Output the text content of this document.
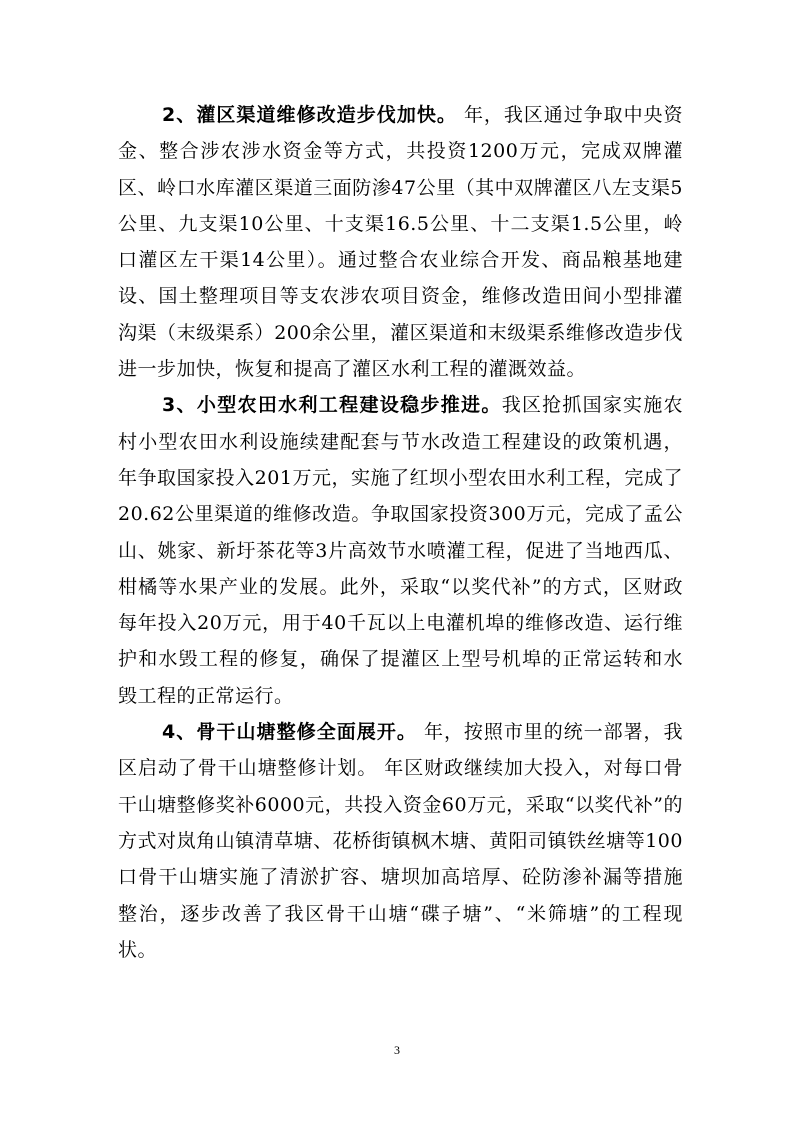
2、灌区渠道维修改造步伐加快。 年，我区通过争取中央资金、整合涉农涉水资金等方式，共投资1200万元，完成双牌灌区、岭口水库灌区渠道三面防渗47公里（其中双牌灌区八左支渠5公里、九支渠10公里、十支渠16.5公里、十二支渠1.5公里，岭口灌区左干渠14公里）。通过整合农业综合开发、商品粮基地建设、国土整理项目等支农涉农项目资金，维修改造田间小型排灌沟渠（末级渠系）200余公里，灌区渠道和末级渠系维修改造步伐进一步加快，恢复和提高了灌区水利工程的灌溉效益。

3、小型农田水利工程建设稳步推进。我区抢抓国家实施农村小型农田水利设施续建配套与节水改造工程建设的政策机遇， 年争取国家投入201万元，实施了红坝小型农田水利工程，完成了20.62公里渠道的维修改造。争取国家投资300万元，完成了孟公山、姚家、新圩茶花等3片高效节水喷灌工程，促进了当地西瓜、柑橘等水果产业的发展。此外，采取“以奖代补”的方式，区财政每年投入20万元，用于40千瓦以上电灌机埠的维修改造、运行维护和水毁工程的修复，确保了提灌区上型号机埠的正常运转和水毁工程的正常运行。

4、骨干山塘整修全面展开。 年，按照市里的统一部署，我区启动了骨干山塘整修计划。 年区财政继续加大投入，对每口骨干山塘整修奖补6000元，共投入资金60万元，采取“以奖代补”的方式对岚角山镇清草塘、花桥街镇枫木塘、黄阳司镇铁丝塘等100口骨干山塘实施了清淤扩容、塘坝加高培厚、砼防渗补漏等措施整治，逐步改善了我区骨干山塘“碟子塘”、“米筛塘”的工程现状。

3
